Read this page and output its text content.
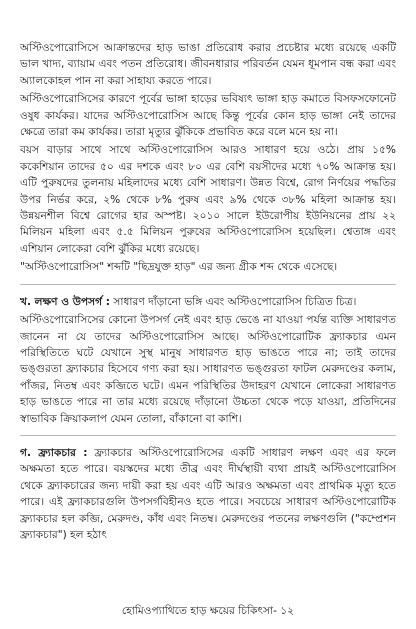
অস্টিওপোরোসিসে আক্রান্তদের হাড় ভাঙা প্রতিরোধ করার প্রচেষ্টার মধ্যে রয়েছে একটি ভাল খাদ্য, ব্যায়াম এবং পতন প্রতিরোধ। জীবনধারার পরিবর্তন যেমন ধূমপান বন্ধ করা এবং অ্যালকোহল পান না করা সাহায্য করতে পারে।

অস্টিওপোরোসিসের কারণে পূর্বের ভাঙ্গা হাড়ের ভবিষ্যৎ ভাঙ্গা হাড় কমাতে বিসফসফোনেট ওষুধ কার্যকর। যাদের অস্টিওপোরোসিস আছে কিন্তু পূর্বের কোন হাড় ভাঙ্গা নেই তাদের ক্ষেত্রে তারা কম কার্যকর। তারা মৃত্যুর ঝুঁকিকে প্রভাবিত করে বলে মনে হয় না।

বয়স বাড়ার সাথে সাথে অস্টিওপোরোসিস আরও সাধারণ হয়ে ওঠে। প্রায় ১৫% ককেশিয়ান তাদের ৫০ এর দশকে এবং ৮০ এর বেশি বয়সীদের মধ্যে ৭০% আক্রান্ত হয়। এটি পুরুষদের তুলনায় মহিলাদের মধ্যে বেশি সাধারণ। উন্নত বিশ্বে, রোগ নির্ণয়ের পদ্ধতির উপর নির্ভর করে, ২% থেকে ৮% পুরুষ এবং ৯% থেকে ৩৮% মহিলা আক্রান্ত হয়। উন্নয়নশীল বিশ্বে রোগের হার অস্পষ্ট। ২০১০ সালে ইউরোপীয় ইউনিয়নের প্রায় ২২ মিলিয়ন মহিলা এবং ৫.৫ মিলিয়ন পুরুষের অস্টিওপোরোসিস হয়েছিল। শ্বেতাঙ্গ এবং এশিয়ান লোকেরা বেশি ঝুঁকির মধ্যে রয়েছে।

"অস্টিওপোরোসিস" শব্দটি "ছিদ্রযুক্ত হাড়" এর জন্য গ্রীক শব্দ থেকে এসেছে।

খ. লক্ষণ ও উপসর্গ : সাধারণ দাঁড়ানো ভঙ্গি এবং অস্টিওপোরোসিস চিত্রিত চিত্র।

অস্টিওপোরোসিসের কোনো উপসর্গ নেই এবং হাড় ভেঙে না যাওয়া পর্যন্ত ব্যক্তি সাধারণত জানেন না যে তাদের অস্টিওপোরোসিস আছে। অস্টিওপোরোটিক ফ্র্যাকচার এমন পরিস্থিতিতে ঘটে যেখানে সুস্থ মানুষ সাধারণত হাড় ভাঙতে পারে না; তাই তাদের ভঙ্গুরতা ফ্র্যাকচার হিসেবে গণ্য করা হয়। সাধারণত ভঙ্গুরতা ফাটল মেরুদণ্ডের কলাম, পাঁজর, নিতম্ব এবং কব্জিতে ঘটে। এমন পরিস্থিতির উদাহরণ যেখানে লোকেরা সাধারণত হাড় ভাঙতে পারে না তার মধ্যে রয়েছে দাঁড়ানো উচ্চতা থেকে পড়ে যাওয়া, প্রতিদিনের স্বাভাবিক ক্রিয়াকলাপ যেমন তোলা, বাঁকানো বা কাশি।

গ. ফ্র্যাকচার : ফ্র্যাকচার অস্টিওপোরোসিসের একটি সাধারণ লক্ষণ এবং এর ফলে অক্ষমতা হতে পারে। বয়স্কদের মধ্যে তীব্র এবং দীর্ঘস্থায়ী ব্যথা প্রায়ই অস্টিওপোরোসিস থেকে ফ্র্যাকচারের জন্য দায়ী করা হয় এবং এটি আরও অক্ষমতা এবং প্রাথমিক মৃত্যু হতে পারে। এই ফ্র্যাকচারগুলি উপসর্গবিহীনও হতে পারে। সবচেয়ে সাধারণ অস্টিওপোরোটিক ফ্র্যাকচার হল কব্জি, মেরুদণ্ড, কাঁধ এবং নিতম্ব। মেরুদণ্ডের পতনের লক্ষণগুলি ("কম্প্রেশন ফ্র্যাকচার") হল হঠাৎ

হোমিওপ্যাথিতে হাড় ক্ষয়ের চিকিৎসা- ১২
